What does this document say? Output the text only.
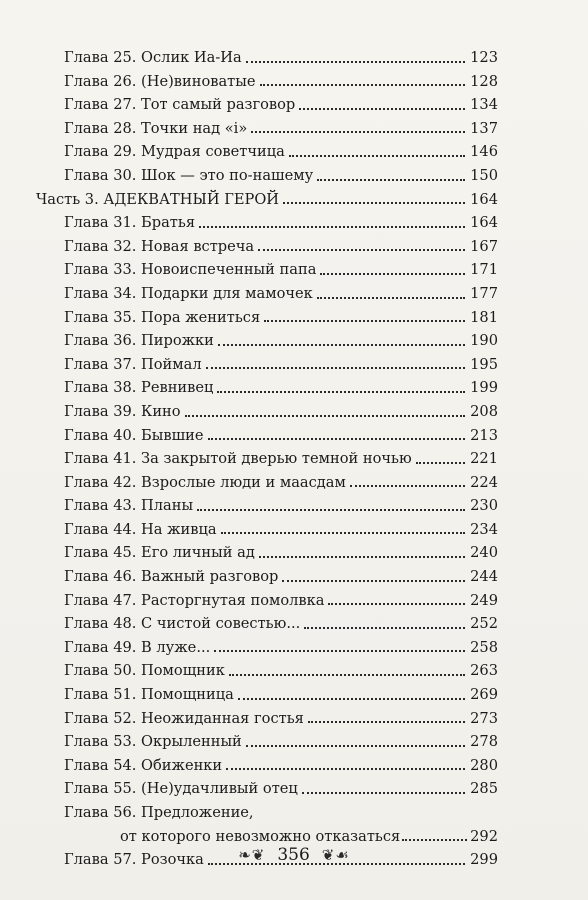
Глава 25. Ослик Иа-Иа	123
Глава 26. (Не)виноватые	128
Глава 27. Тот самый разговор	134
Глава 28. Точки над «i»	137
Глава 29. Мудрая советчица	146
Глава 30. Шок — это по-нашему	150
Часть 3. АДЕКВАТНЫЙ ГЕРОЙ	164
Глава 31. Братья	164
Глава 32. Новая встреча	167
Глава 33. Новоиспеченный папа	171
Глава 34. Подарки для мамочек	177
Глава 35. Пора жениться	181
Глава 36. Пирожки	190
Глава 37. Поймал	195
Глава 38. Ревнивец	199
Глава 39. Кино	208
Глава 40. Бывшие	213
Глава 41. За закрытой дверью темной ночью	221
Глава 42. Взрослые люди и маасдам	224
Глава 43. Планы	230
Глава 44. На живца	234
Глава 45. Его личный ад	240
Глава 46. Важный разговор	244
Глава 47. Расторгнутая помолвка	249
Глава 48. С чистой совестью...	252
Глава 49. В луже...	258
Глава 50. Помощник	263
Глава 51. Помощница	269
Глава 52. Неожиданная гостья	273
Глава 53. Окрыленный	278
Глава 54. Обиженки	280
Глава 55. (Не)удачливый отец	285
Глава 56. Предложение,
от которого невозможно отказаться	292
Глава 57. Розочка	299
❧❦ 356 ❦☙
